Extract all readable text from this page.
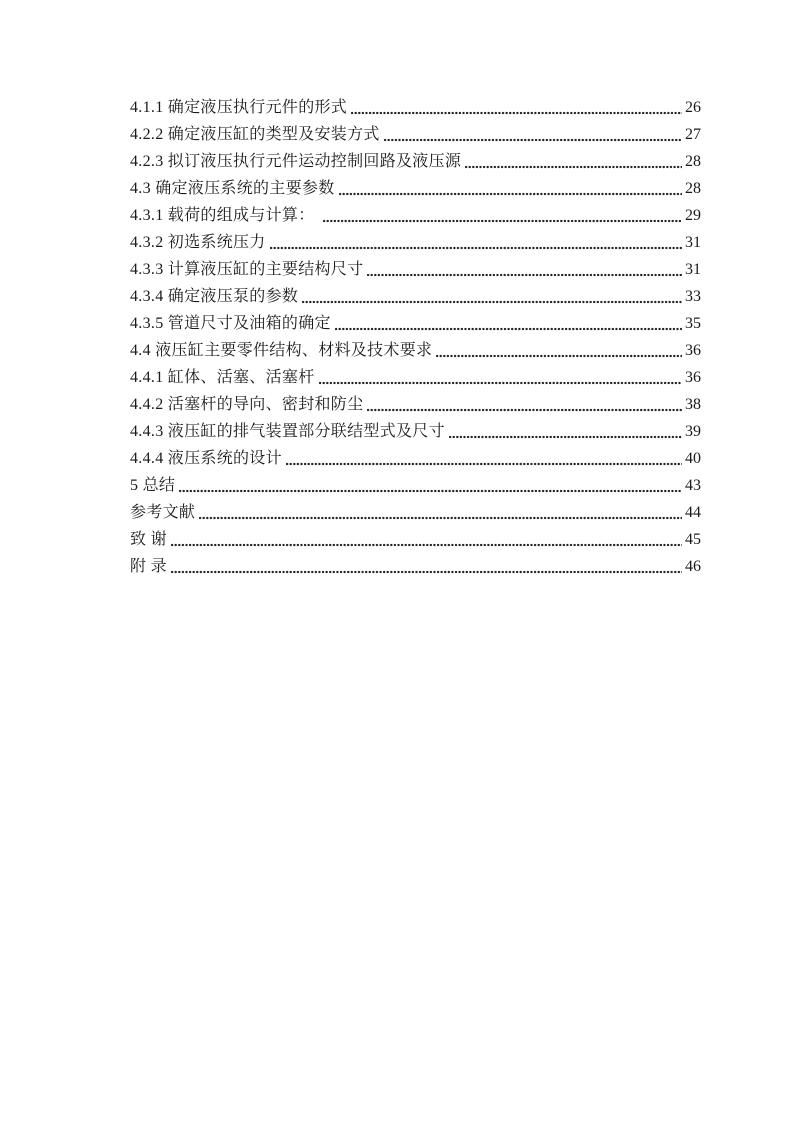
4.1.1 确定液压执行元件的形式	26
4.2.2 确定液压缸的类型及安装方式	27
4.2.3 拟订液压执行元件运动控制回路及液压源	28
4.3 确定液压系统的主要参数	28
4.3.1 载荷的组成与计算：	29
4.3.2 初选系统压力	31
4.3.3 计算液压缸的主要结构尺寸	31
4.3.4 确定液压泵的参数	33
4.3.5 管道尺寸及油箱的确定	35
4.4 液压缸主要零件结构、材料及技术要求	36
4.4.1 缸体、活塞、活塞杆	36
4.4.2 活塞杆的导向、密封和防尘	38
4.4.3 液压缸的排气装置部分联结型式及尺寸	39
4.4.4 液压系统的设计	40
5 总结	43
参考文献	44
致 谢	45
附 录	46
